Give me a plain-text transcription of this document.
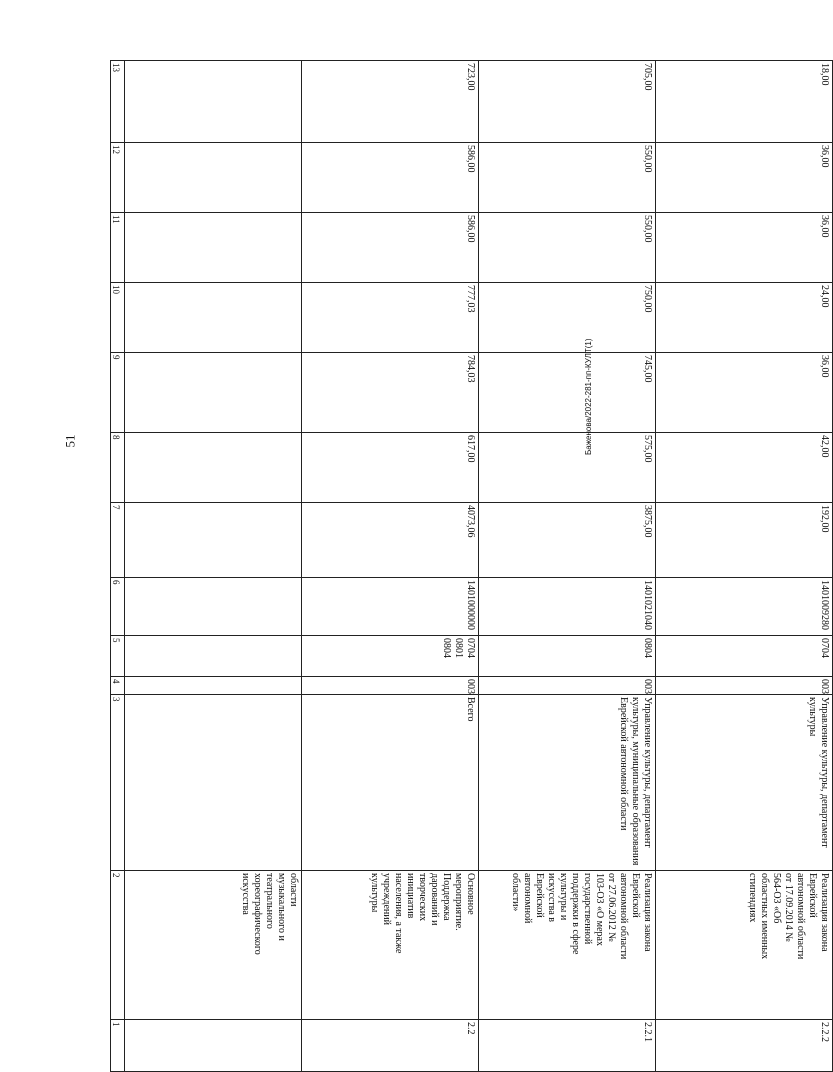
51
13		723,00	705,00	18,00

12		586,00	550,00	36,00

11		586,00	550,00	36,00

10		777,03	750,00	24,00

9		784,03	745,00	36,00

8		617,00	575,00	42,00

7		4073,06	3875,00	192,00

6		1401000000	1401021040	1401009280

5		0704 0801 0804	0804	0704

4		003	003	003

3		Всего	Управление культуры, департамент культуры, муниципальные образования Еврейской автономной области	Управление культуры, департамент культуры

2	области музыкального и театрального хореографического искусства	Основное мероприятие. Поддержка дарований и творческих инициатив населения, а также учреждений культуры	Реализация закона Еврейской автономной области от 27.06.2012 № 103-ОЗ «О мерах государственной поддержки в сфере культуры и искусства в Еврейской автономной области»	Реализация закона Еврейской автономной области от 17.09.2014 № 564-ОЗ «Об областных именных стипендиях

1		2.2	2.2.1	2.2.2
Баженова/2022-281-пп-КУЛТ(1)
